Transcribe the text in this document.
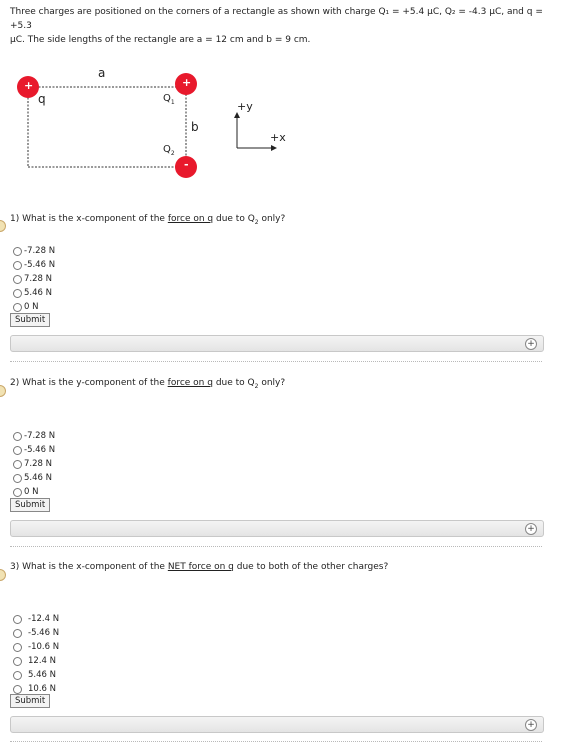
Three charges are positioned on the corners of a rectangle as shown with charge Q₁ = +5.4 μC, Q₂ = -4.3 μC, and q = +5.3
μC. The side lengths of the rectangle are a = 12 cm and b = 9 cm.
+	+
-
a
q	$Q_1$
b
$Q_2$
+y
+x
1) What is the x-component of the force on q due to $Q_2$ only?
-7.28 N
-5.46 N
7.28 N
5.46 N
0 N
Submit
+
2) What is the y-component of the force on q due to $Q_2$ only?
-7.28 N
-5.46 N
7.28 N
5.46 N
0 N
Submit
+
3) What is the x-component of the NET force on q due to both of the other charges?
-12.4 N
-5.46 N
-10.6 N
12.4 N
5.46 N
10.6 N
Submit
+
